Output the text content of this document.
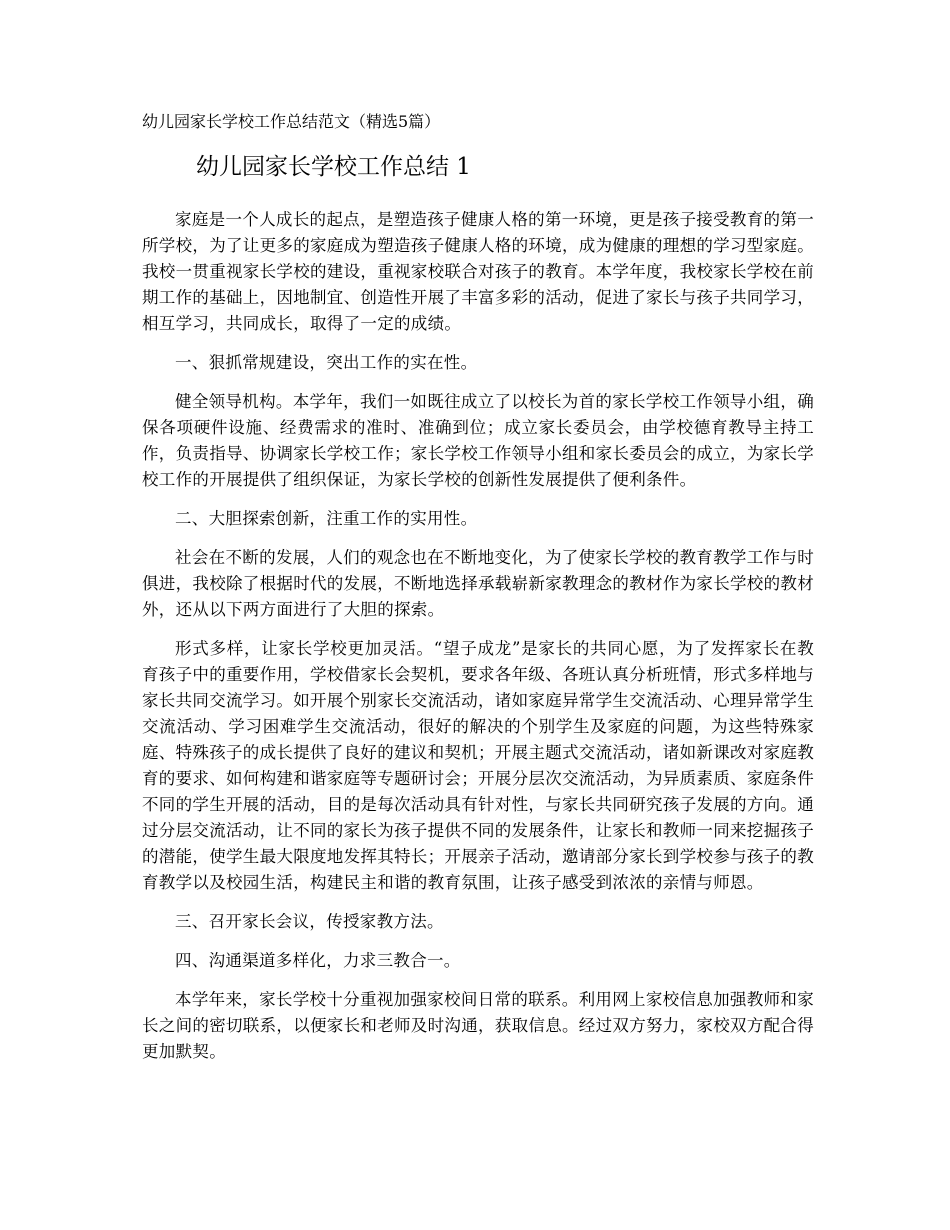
幼儿园家长学校工作总结范文（精选5篇）
幼儿园家长学校工作总结 1

家庭是一个人成长的起点，是塑造孩子健康人格的第一环境，更是孩子接受教育的第一所学校，为了让更多的家庭成为塑造孩子健康人格的环境，成为健康的理想的学习型家庭。我校一贯重视家长学校的建设，重视家校联合对孩子的教育。本学年度，我校家长学校在前期工作的基础上，因地制宜、创造性开展了丰富多彩的活动，促进了家长与孩子共同学习，相互学习，共同成长，取得了一定的成绩。

一、狠抓常规建设，突出工作的实在性。

健全领导机构。本学年，我们一如既往成立了以校长为首的家长学校工作领导小组，确保各项硬件设施、经费需求的准时、准确到位；成立家长委员会，由学校德育教导主持工作，负责指导、协调家长学校工作；家长学校工作领导小组和家长委员会的成立，为家长学校工作的开展提供了组织保证，为家长学校的创新性发展提供了便利条件。

二、大胆探索创新，注重工作的实用性。

社会在不断的发展，人们的观念也在不断地变化，为了使家长学校的教育教学工作与时俱进，我校除了根据时代的发展，不断地选择承载崭新家教理念的教材作为家长学校的教材外，还从以下两方面进行了大胆的探索。

形式多样，让家长学校更加灵活。“望子成龙”是家长的共同心愿，为了发挥家长在教育孩子中的重要作用，学校借家长会契机，要求各年级、各班认真分析班情，形式多样地与家长共同交流学习。如开展个别家长交流活动，诸如家庭异常学生交流活动、心理异常学生交流活动、学习困难学生交流活动，很好的解决的个别学生及家庭的问题，为这些特殊家庭、特殊孩子的成长提供了良好的建议和契机；开展主题式交流活动，诸如新课改对家庭教育的要求、如何构建和谐家庭等专题研讨会；开展分层次交流活动，为异质素质、家庭条件不同的学生开展的活动，目的是每次活动具有针对性，与家长共同研究孩子发展的方向。通过分层交流活动，让不同的家长为孩子提供不同的发展条件，让家长和教师一同来挖掘孩子的潜能，使学生最大限度地发挥其特长；开展亲子活动，邀请部分家长到学校参与孩子的教育教学以及校园生活，构建民主和谐的教育氛围，让孩子感受到浓浓的亲情与师恩。

三、召开家长会议，传授家教方法。

四、沟通渠道多样化，力求三教合一。

本学年来，家长学校十分重视加强家校间日常的联系。利用网上家校信息加强教师和家长之间的密切联系，以便家长和老师及时沟通，获取信息。经过双方努力，家校双方配合得更加默契。
